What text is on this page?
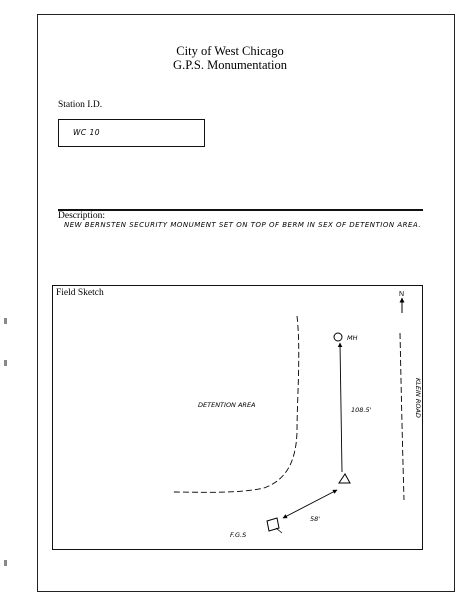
City of West Chicago
G.P.S. Monumentation
Station I.D.
WC 10
Description:
NEW BERNSTEN SECURITY MONUMENT SET ON TOP OF BERM IN SEX OF DETENTION AREA.
Field Sketch	N
MH
108.5'
58'
F.G.S
DETENTION AREA	KLEIN ROAD
